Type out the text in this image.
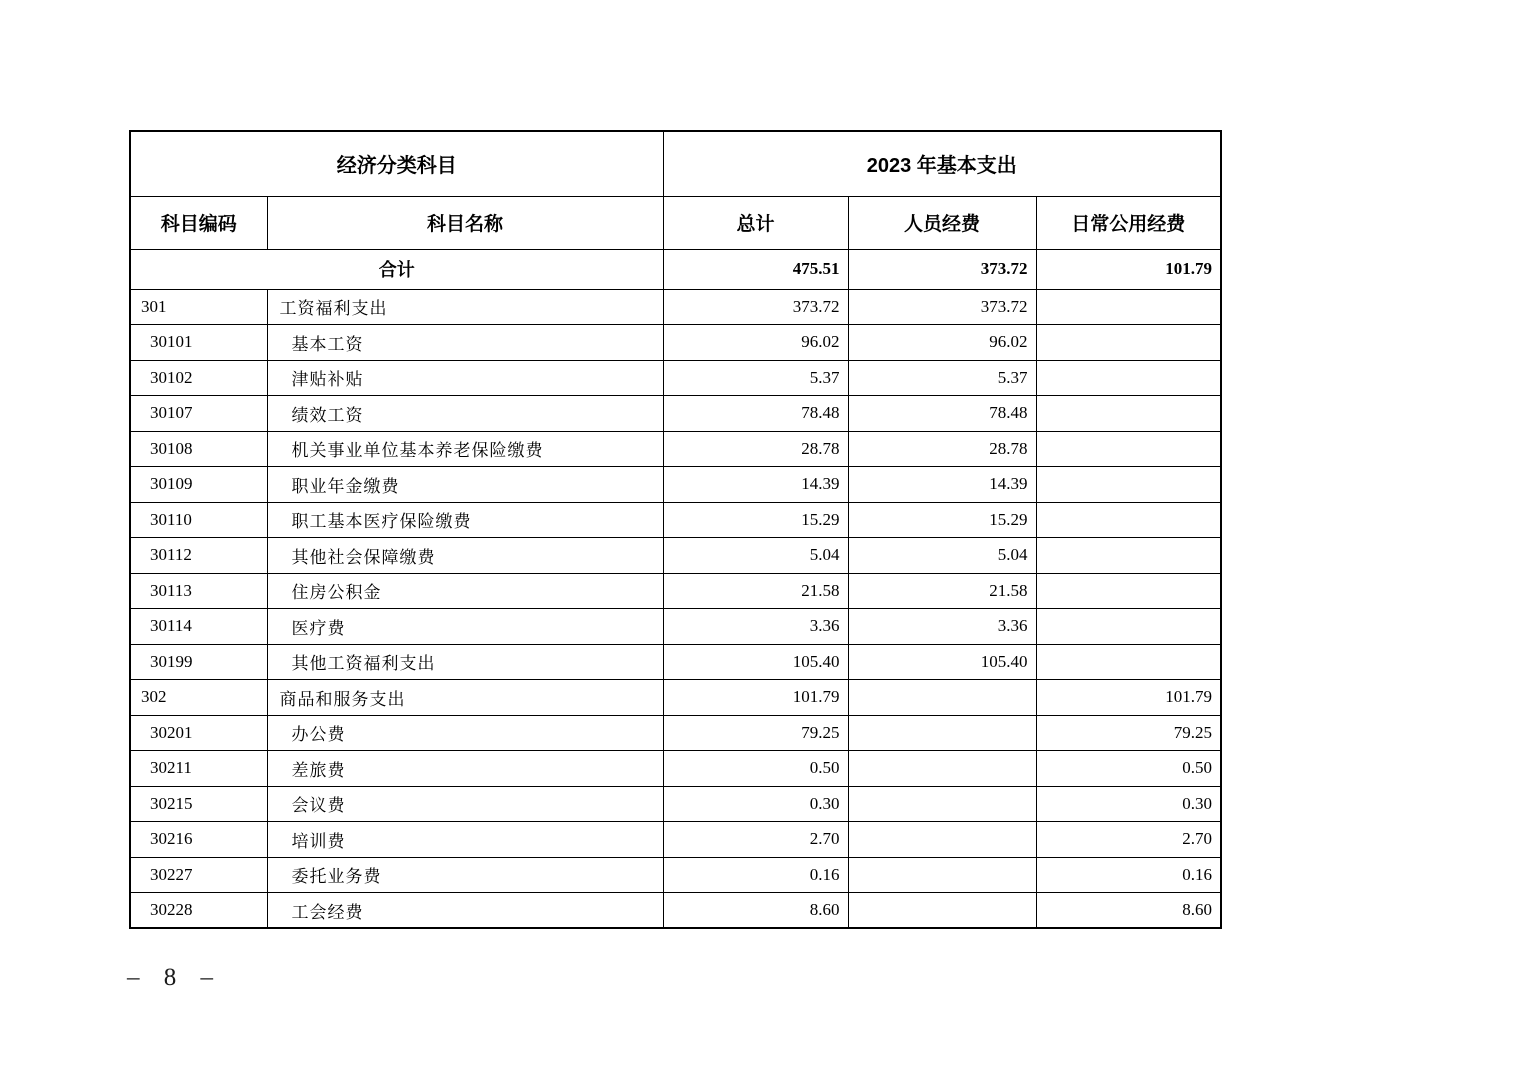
经济分类科目		2023 年基本支出		
科目编码	科目名称	总计	人员经费	日常公用经费
合计		475.51	373.72	101.79
301	工资福利支出	373.72	373.72	
30101	基本工资	96.02	96.02	
30102	津贴补贴	5.37	5.37	
30107	绩效工资	78.48	78.48	
30108	机关事业单位基本养老保险缴费	28.78	28.78	
30109	职业年金缴费	14.39	14.39	
30110	职工基本医疗保险缴费	15.29	15.29	
30112	其他社会保障缴费	5.04	5.04	
30113	住房公积金	21.58	21.58	
30114	医疗费	3.36	3.36	
30199	其他工资福利支出	105.40	105.40	
302	商品和服务支出	101.79		101.79
30201	办公费	79.25		79.25
30211	差旅费	0.50		0.50
30215	会议费	0.30		0.30
30216	培训费	2.70		2.70
30227	委托业务费	0.16		0.16
30228	工会经费	8.60		8.60
– 8 –
